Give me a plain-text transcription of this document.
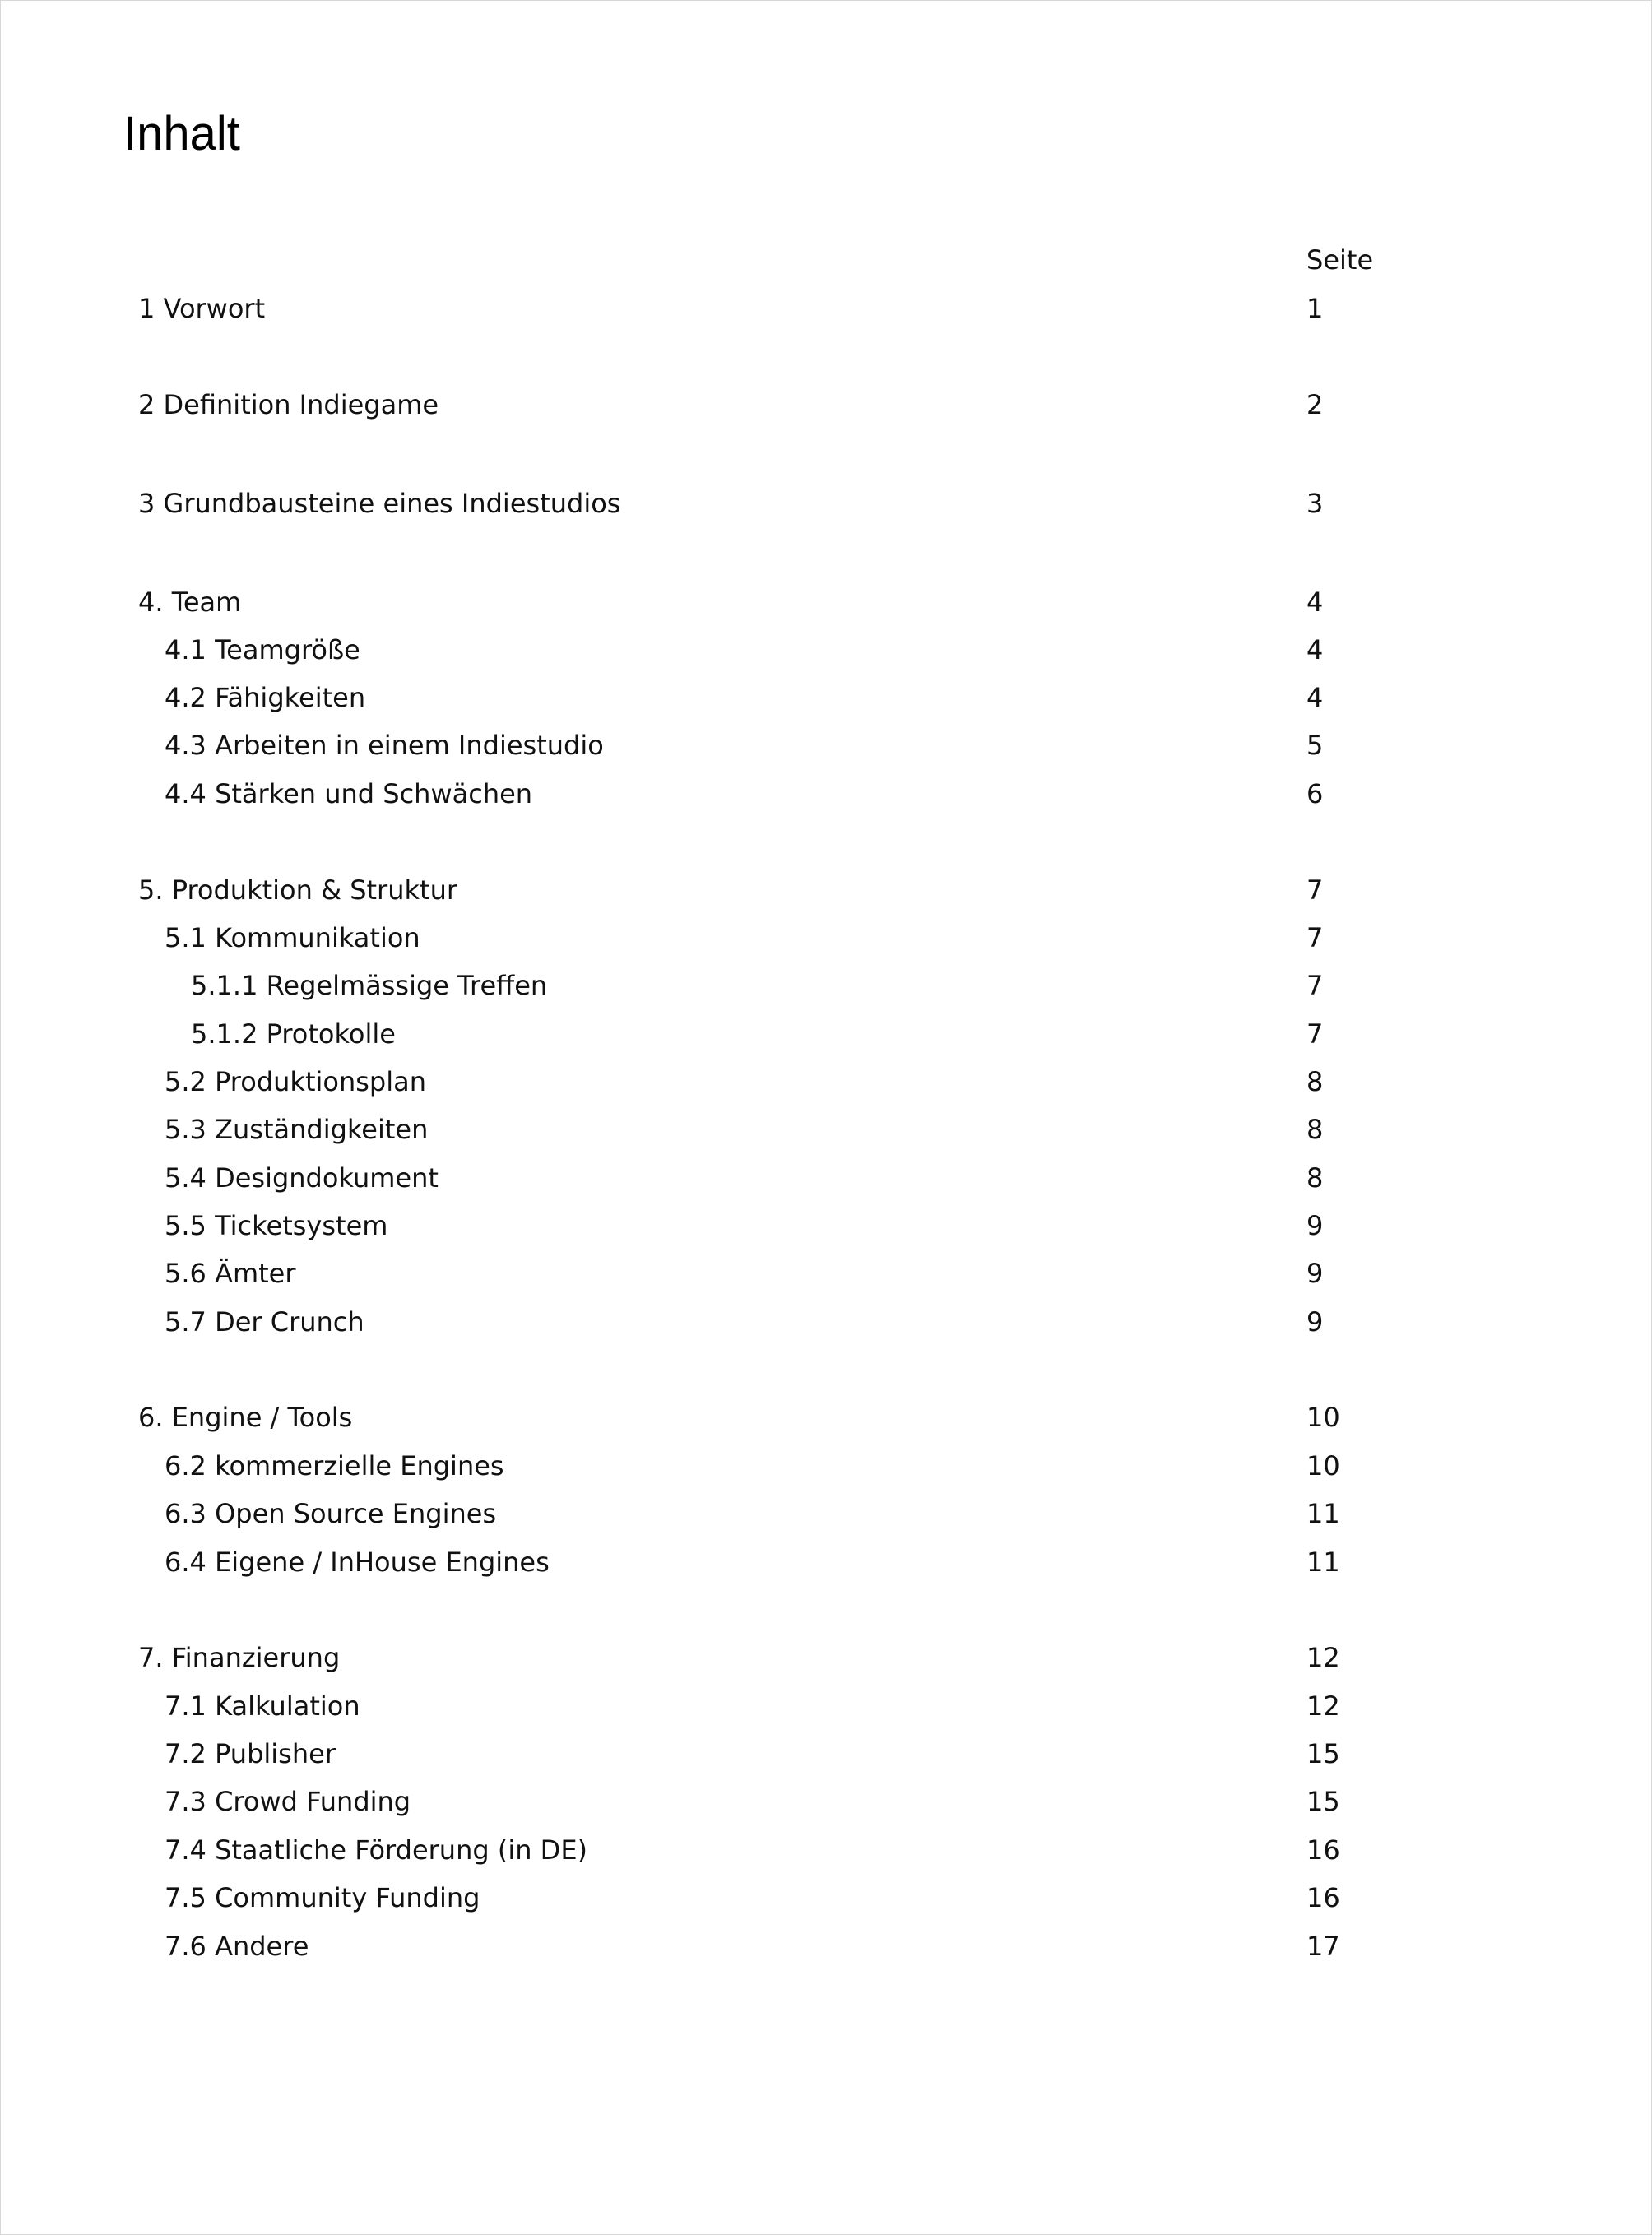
Inhalt
Seite
1 Vorwort	1
2 Definition Indiegame	2
3 Grundbausteine eines Indiestudios	3
4. Team	4
4.1 Teamgröße	4
4.2 Fähigkeiten	4
4.3 Arbeiten in einem Indiestudio	5
4.4 Stärken und Schwächen	6
5. Produktion & Struktur	7
5.1 Kommunikation	7
5.1.1 Regelmässige Treffen	7
5.1.2 Protokolle	7
5.2 Produktionsplan	8
5.3 Zuständigkeiten	8
5.4 Designdokument	8
5.5 Ticketsystem	9
5.6 Ämter	9
5.7 Der Crunch	9
6. Engine / Tools	10
6.2 kommerzielle Engines	10
6.3 Open Source Engines	11
6.4 Eigene / InHouse Engines	11
7. Finanzierung	12
7.1 Kalkulation	12
7.2 Publisher	15
7.3 Crowd Funding	15
7.4 Staatliche Förderung (in DE)	16
7.5 Community Funding	16
7.6 Andere	17
